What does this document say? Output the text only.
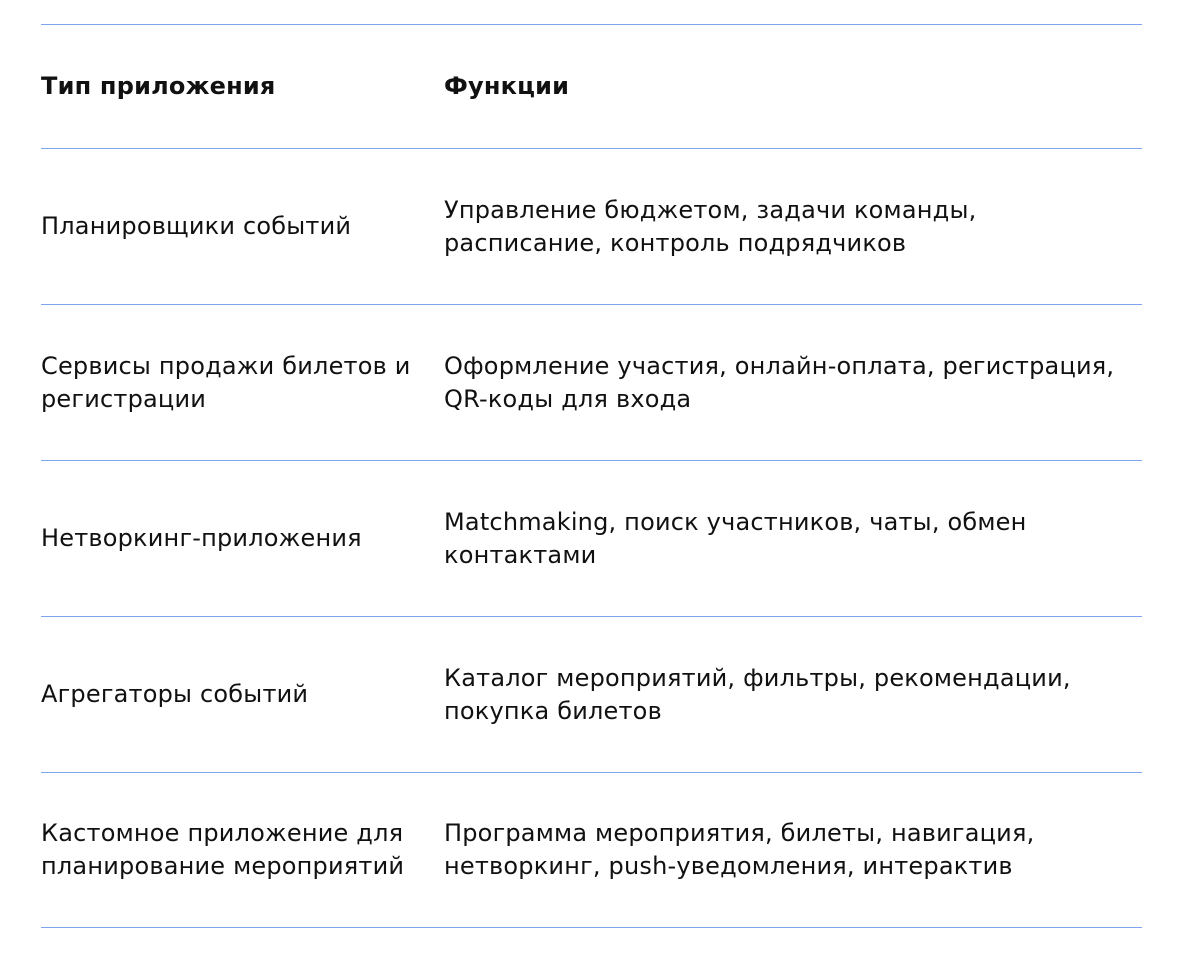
Тип приложения	Функции
Планировщики событий
Управление бюджетом, задачи команды, расписание, контроль подрядчиков
Сервисы продажи билетов и регистрации
Оформление участия, онлайн-оплата, регистрация, QR-коды для входа
Нетворкинг-приложения
Matchmaking, поиск участников, чаты, обмен контактами
Агрегаторы событий
Каталог мероприятий, фильтры, рекомендации, покупка билетов
Кастомное приложение для планирование мероприятий
Программа мероприятия, билеты, навигация, нетворкинг, push-уведомления, интерактив
